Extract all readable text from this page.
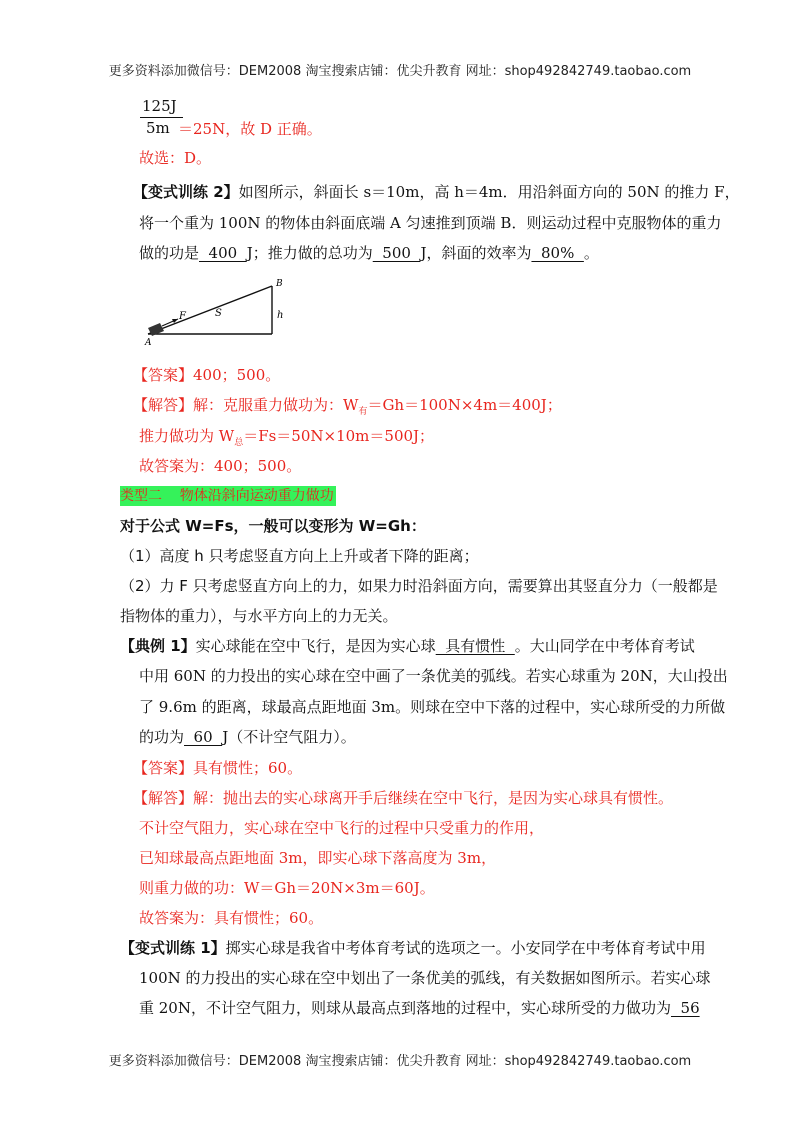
更多资料添加微信号：DEM2008 淘宝搜索店铺：优尖升教育 网址：shop492842749.taobao.com
$\frac{125J}{5m}$
＝25N，故 D 正确。
故选：D。
【变式训练 2】如图所示，斜面长 s＝10m，高 h＝4m．用沿斜面方向的 50N 的推力 F，
将一个重为 100N 的物体由斜面底端 A 匀速推到顶端 B．则运动过程中克服物体的重力
做的功是  400  J；推力做的总功为  500  J，斜面的效率为  80%  。
A
B
F	S	h
【答案】400；500。
【解答】解：克服重力做功为：$W_有=Gh=100N\times 4m=400J$；
推力做功为 $W_总=Fs=50N\times 10m=500J$；
故答案为：400；500。
类型二    物体沿斜向运动重力做功
对于公式 W=Fs，一般可以变形为 W=Gh：
（1）高度 h 只考虑竖直方向上上升或者下降的距离；
（2）力 F 只考虑竖直方向上的力，如果力时沿斜面方向，需要算出其竖直分力（一般都是
指物体的重力），与水平方向上的力无关。
【典例 1】实心球能在空中飞行，是因为实心球  具有惯性  。大山同学在中考体育考试
中用 60N 的力投出的实心球在空中画了一条优美的弧线。若实心球重为 20N，大山投出
了 9.6m 的距离，球最高点距地面 3m。则球在空中下落的过程中，实心球所受的力所做
的功为  60  J（不计空气阻力）。
【答案】具有惯性；60。
【解答】解：抛出去的实心球离开手后继续在空中飞行，是因为实心球具有惯性。
不计空气阻力，实心球在空中飞行的过程中只受重力的作用，
已知球最高点距地面 3m，即实心球下落高度为 3m，
则重力做的功：W＝Gh＝20N×3m＝60J。
故答案为：具有惯性；60。
【变式训练 1】掷实心球是我省中考体育考试的选项之一。小安同学在中考体育考试中用
100N 的力投出的实心球在空中划出了一条优美的弧线，有关数据如图所示。若实心球
重 20N，不计空气阻力，则球从最高点到落地的过程中，实心球所受的力做功为  56
更多资料添加微信号：DEM2008 淘宝搜索店铺：优尖升教育 网址：shop492842749.taobao.com
